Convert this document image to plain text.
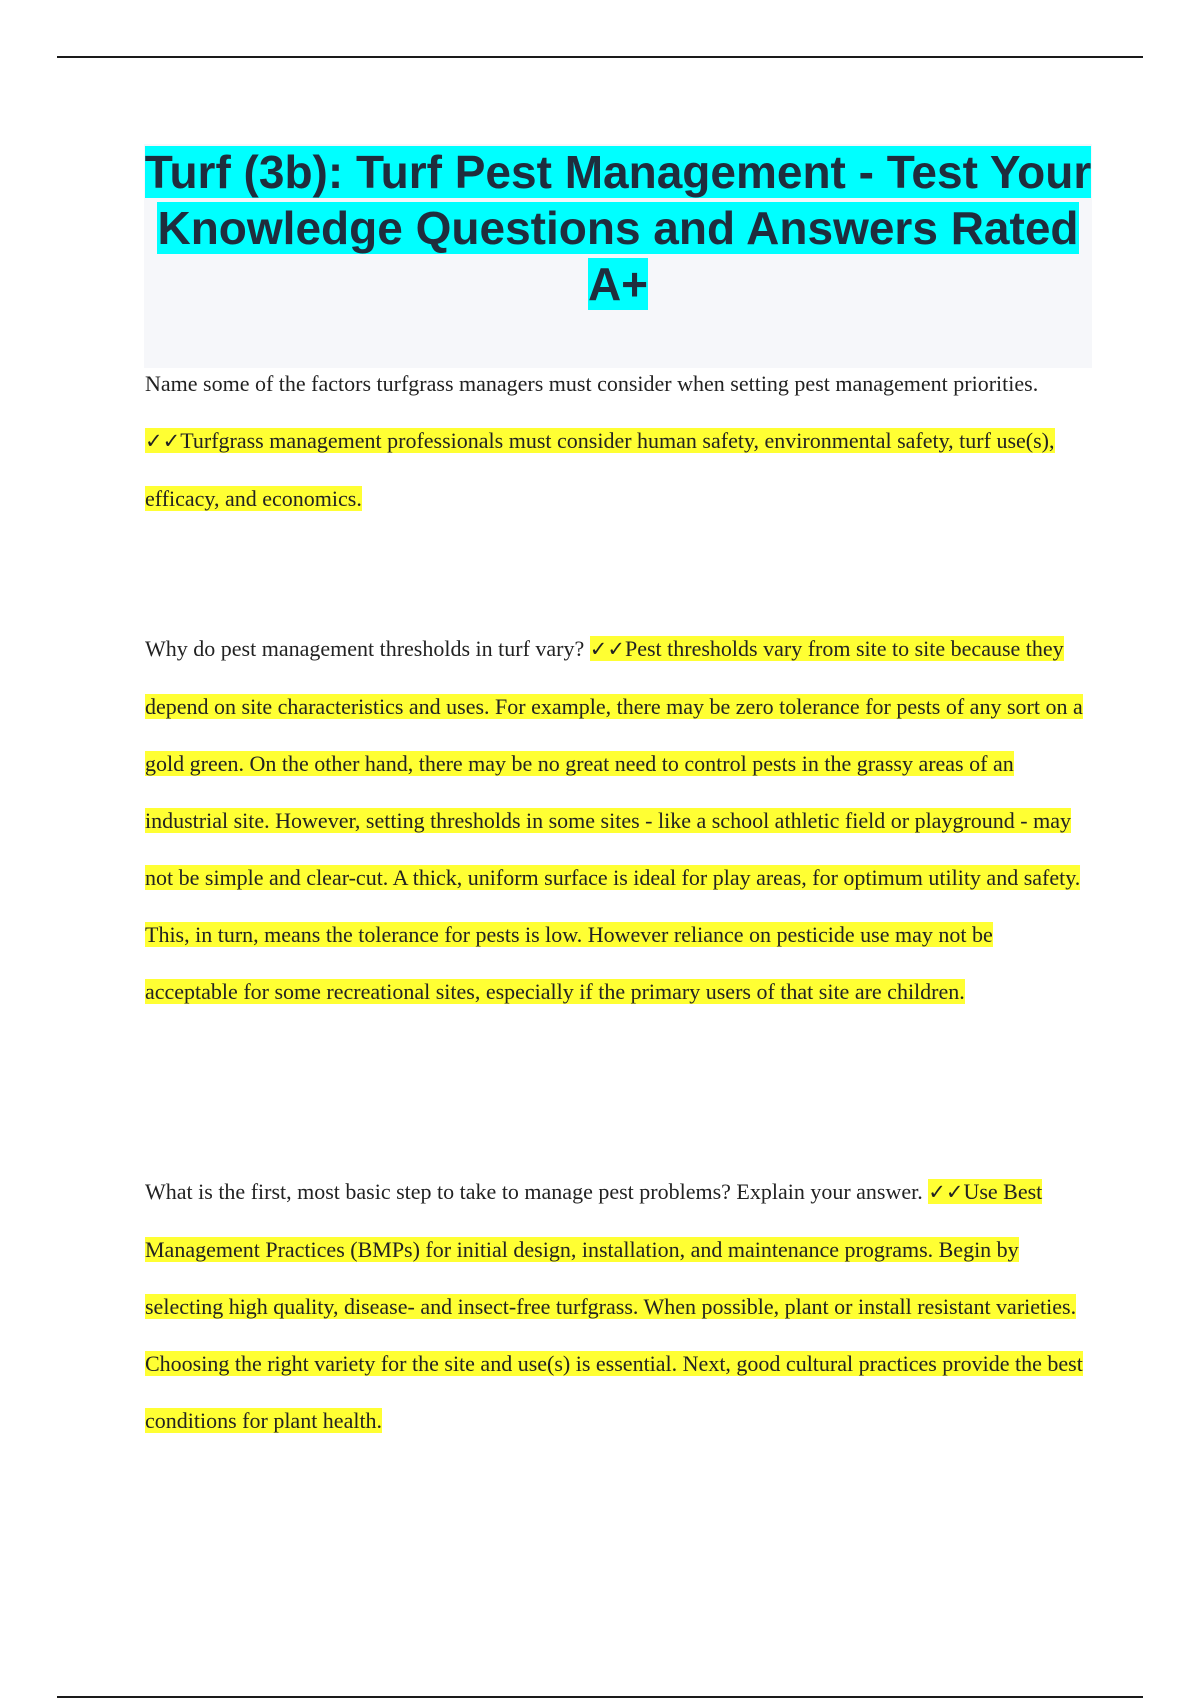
Turf (3b): Turf Pest Management - Test Your Knowledge Questions and Answers Rated A+

Name some of the factors turfgrass managers must consider when setting pest management priorities. ✓✓Turfgrass management professionals must consider human safety, environmental safety, turf use(s), efficacy, and economics.

Why do pest management thresholds in turf vary? ✓✓Pest thresholds vary from site to site because they depend on site characteristics and uses. For example, there may be zero tolerance for pests of any sort on a gold green. On the other hand, there may be no great need to control pests in the grassy areas of an industrial site. However, setting thresholds in some sites - like a school athletic field or playground - may not be simple and clear-cut. A thick, uniform surface is ideal for play areas, for optimum utility and safety. This, in turn, means the tolerance for pests is low. However reliance on pesticide use may not be acceptable for some recreational sites, especially if the primary users of that site are children.

What is the first, most basic step to take to manage pest problems? Explain your answer. ✓✓Use Best Management Practices (BMPs) for initial design, installation, and maintenance programs. Begin by selecting high quality, disease- and insect-free turfgrass. When possible, plant or install resistant varieties. Choosing the right variety for the site and use(s) is essential. Next, good cultural practices provide the best conditions for plant health.
